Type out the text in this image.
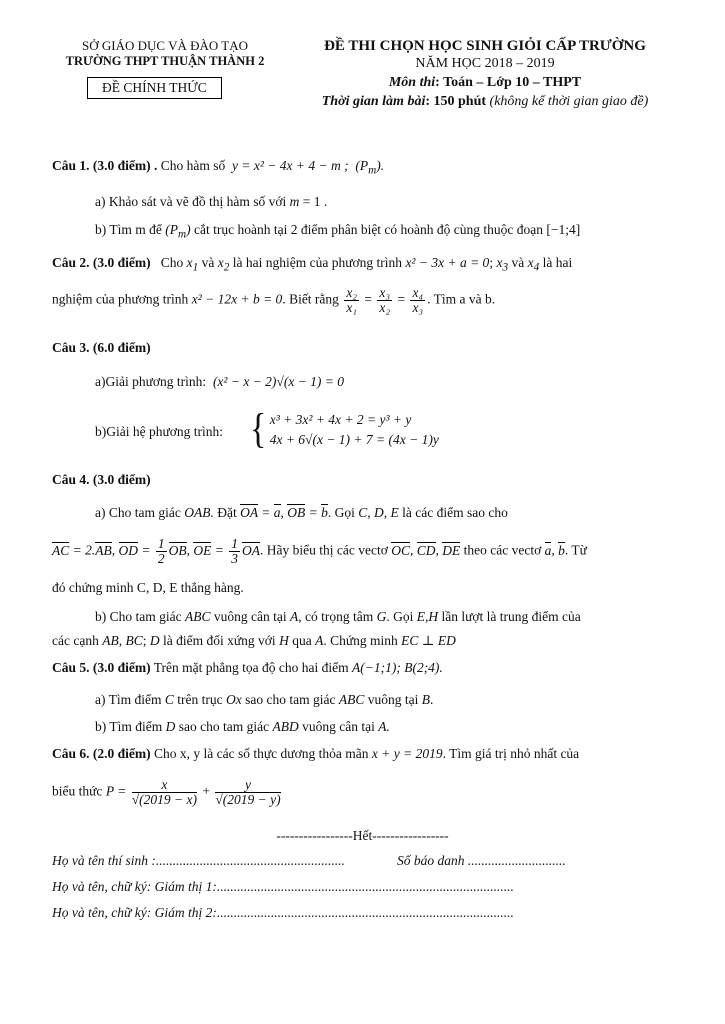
SỞ GIÁO DỤC VÀ ĐÀO TẠO
TRƯỜNG THPT THUẬN THÀNH 2
ĐỀ CHÍNH THỨC
ĐỀ THI CHỌN HỌC SINH GIỎI CẤP TRƯỜNG
NĂM HỌC 2018 – 2019
Môn thi: Toán – Lớp 10 – THPT
Thời gian làm bài: 150 phút (không kể thời gian giao đề)
Câu 1. (3.0 điểm) . Cho hàm số  y = x² − 4x + 4 − m ;  $(P_m)$.
a) Khảo sát và vẽ đồ thị hàm số với m = 1 .
b) Tìm m để $(P_m)$ cắt trục hoành tại 2 điểm phân biệt có hoành độ cùng thuộc đoạn [−1;4]
Câu 2. (3.0 điểm) Cho $x_1$ và $x_2$ là hai nghiệm của phương trình x² − 3x + a = 0; $x_3$ và $x_4$ là hai
nghiệm của phương trình x² − 12x + b = 0. Biết rằng $\frac{\text{x₂}}{\text{x₁}} = \frac{\text{x₃}}{\text{x₂}} = \frac{\text{x₄}}{\text{x₃}}$ . Tìm a và b.
Câu 3. (6.0 điểm)
a)Giải phương trình:  (x² − x − 2)√(x − 1) = 0
b)Giải hệ phương trình: { x³ + 3x² + 4x + 2 = y³ + y
4x + 6√(x − 1) + 7 = (4x − 1)y
Câu 4. (3.0 điểm)
a) Cho tam giác OAB. Đặt OA = a, OB = b. Gọi C, D, E là các điểm sao cho
AC = 2.AB, OD = $\frac{1}{2}$ OB, OE = $\frac{1}{3}$ OA. Hãy biểu thị các vectơ OC, CD, DE theo các vectơ a, b. Từ
đó chứng minh C, D, E thẳng hàng.
b) Cho tam giác ABC vuông cân tại A, có trọng tâm G. Gọi E,H lần lượt là trung điểm của
các cạnh AB, BC; D là điểm đối xứng với H qua A. Chứng minh EC ⊥ ED
Câu 5. (3.0 điểm) Trên mặt phẳng tọa độ cho hai điểm A(−1;1); B(2;4).
a) Tìm điểm C trên trục Ox sao cho tam giác ABC vuông tại B.
b) Tìm điểm D sao cho tam giác ABD vuông cân tại A.
Câu 6. (2.0 điểm) Cho x, y là các số thực dương thỏa mãn x + y = 2019. Tìm giá trị nhỏ nhất của
biểu thức $P = \frac{x}{√(2019 - x)} + \frac{y}{√(2019 - y)}$
-----------------Hết-----------------
Họ và tên thí sinh :........................................................	Số báo danh .............................
Họ và tên, chữ ký: Giám thị 1:........................................................................................
Họ và tên, chữ ký: Giám thị 2:........................................................................................
